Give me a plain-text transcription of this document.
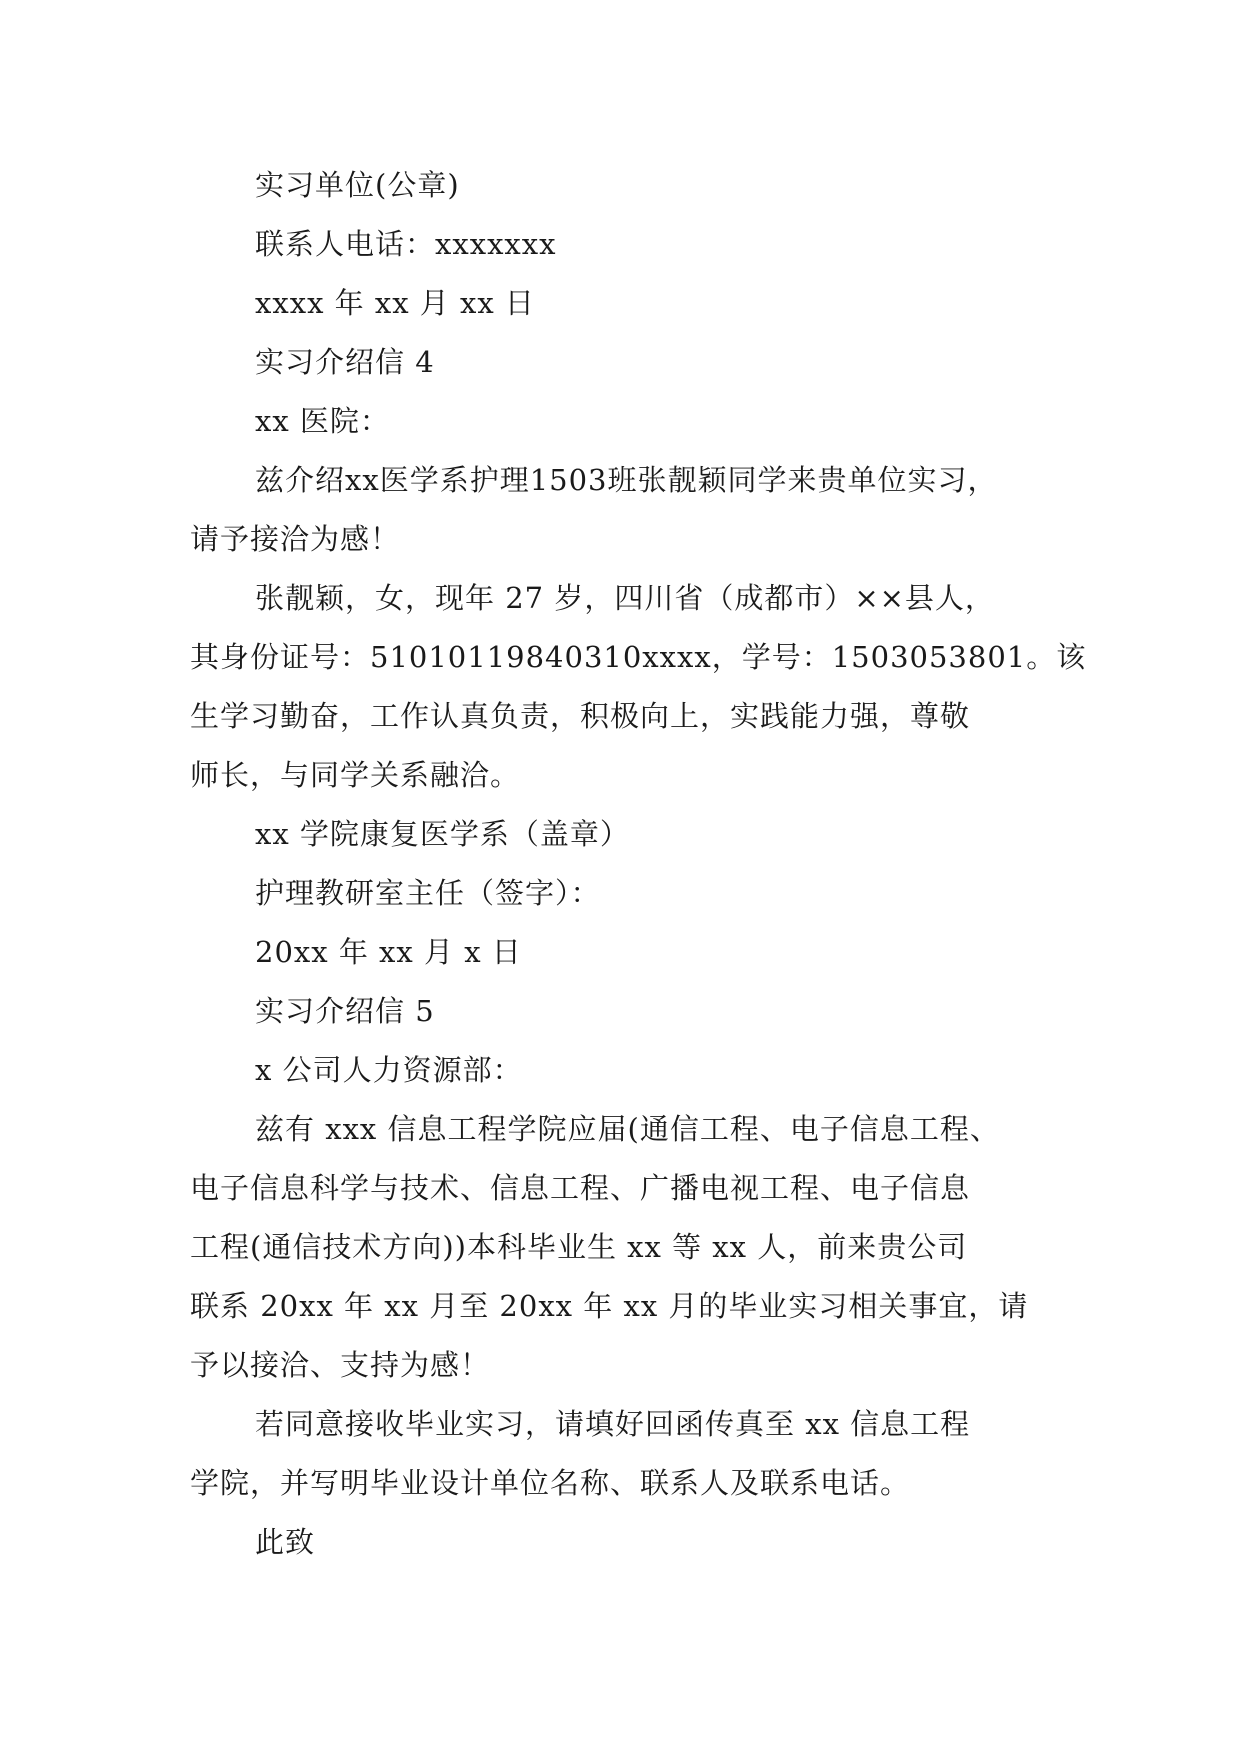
实习单位(公章)
联系人电话：xxxxxxx
xxxx 年 xx 月 xx 日
实习介绍信 4
xx 医院：
兹介绍xx医学系护理1503班张靓颖同学来贵单位实习，
请予接洽为感！
张靓颖，女，现年 27 岁，四川省（成都市）××县人，
其身份证号：51010119840310xxxx，学号：1503053801。该
生学习勤奋，工作认真负责，积极向上，实践能力强，尊敬
师长，与同学关系融洽。
xx 学院康复医学系（盖章）
护理教研室主任（签字）：
20xx 年 xx 月 x 日
实习介绍信 5
x 公司人力资源部：
兹有 xxx 信息工程学院应届(通信工程、电子信息工程、
电子信息科学与技术、信息工程、广播电视工程、电子信息
工程(通信技术方向))本科毕业生 xx 等 xx 人，前来贵公司
联系 20xx 年 xx 月至 20xx 年 xx 月的毕业实习相关事宜，请
予以接洽、支持为感！
若同意接收毕业实习，请填好回函传真至 xx 信息工程
学院，并写明毕业设计单位名称、联系人及联系电话。
此致
